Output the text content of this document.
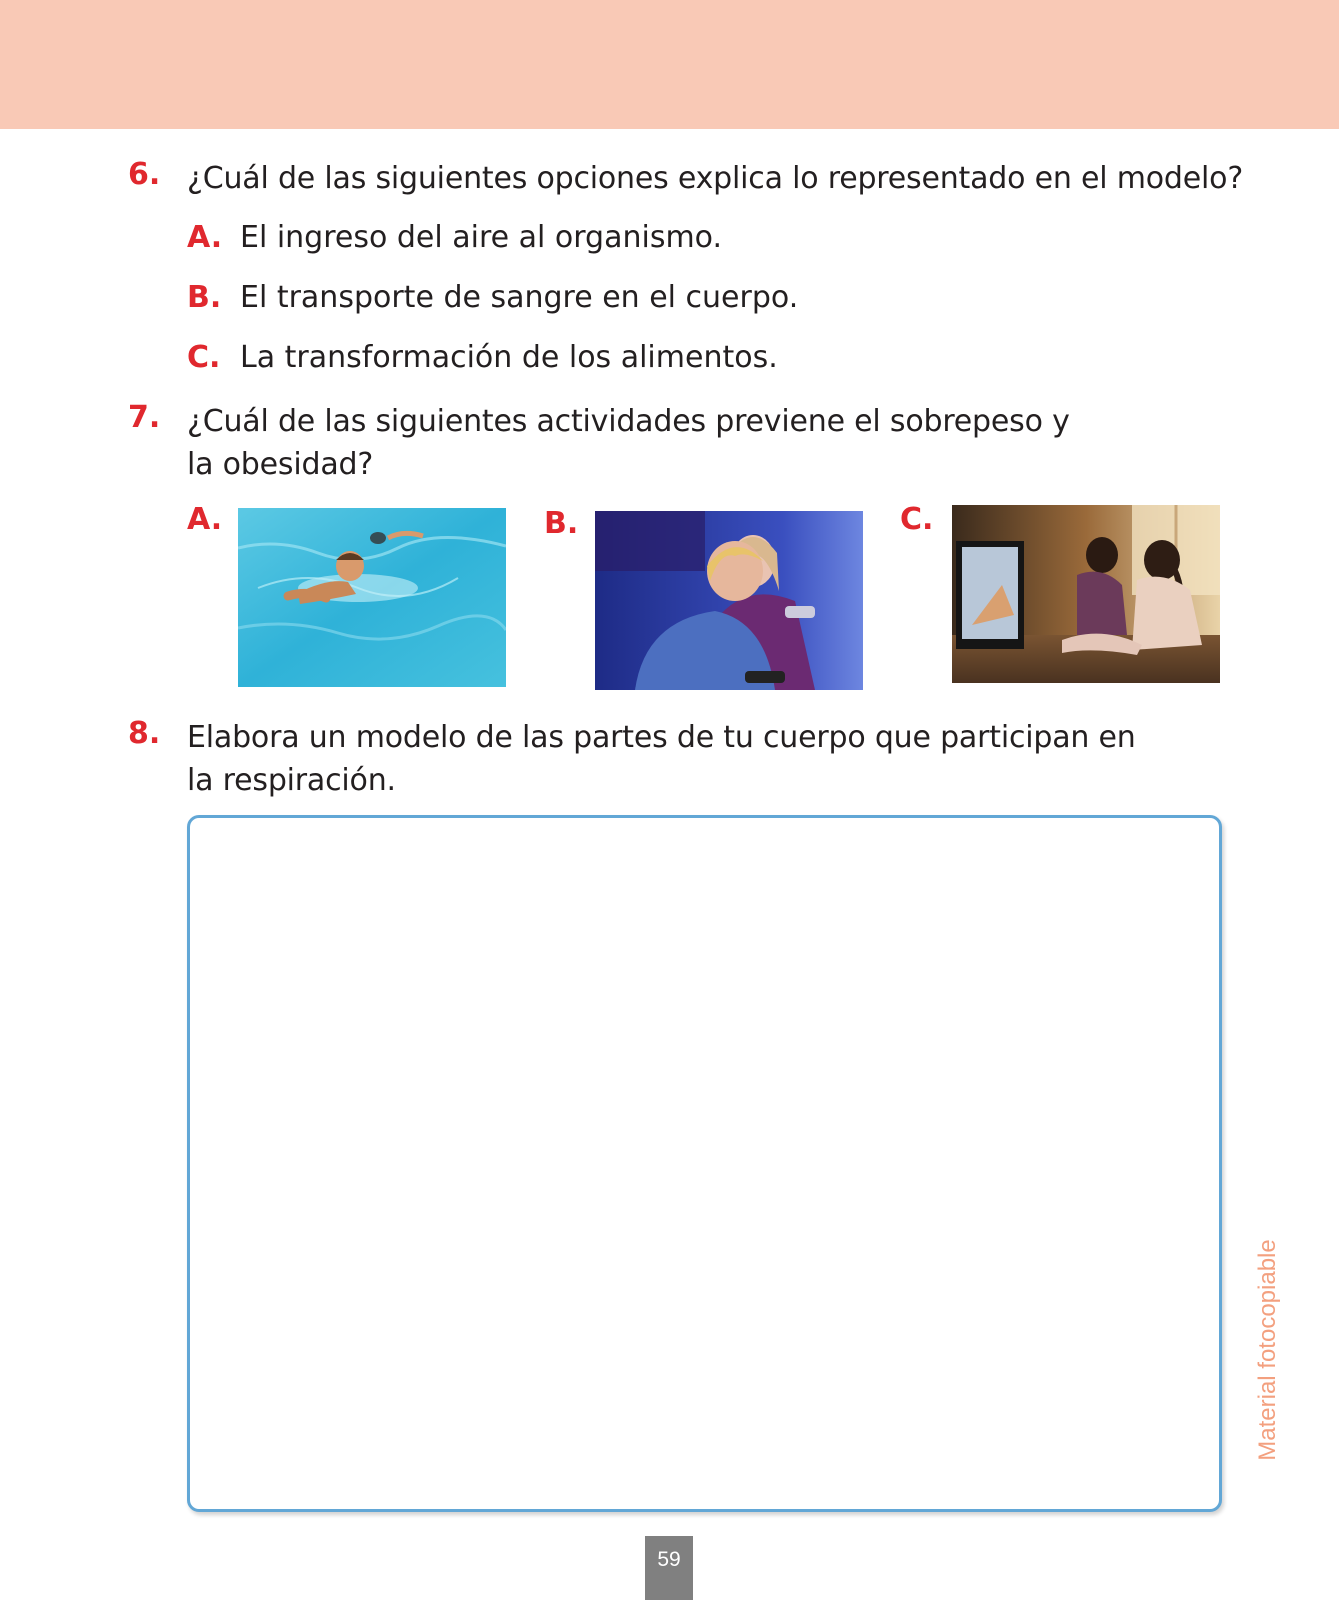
6. ¿Cuál de las siguientes opciones explica lo representado en el modelo?
A. El ingreso del aire al organismo.
B. El transporte de sangre en el cuerpo.
C. La transformación de los alimentos.
7. ¿Cuál de las siguientes actividades previene el sobrepeso y
la obesidad?
A.	B.	C.
8. Elabora un modelo de las partes de tu cuerpo que participan en
la respiración.
Material fotocopiable
59
